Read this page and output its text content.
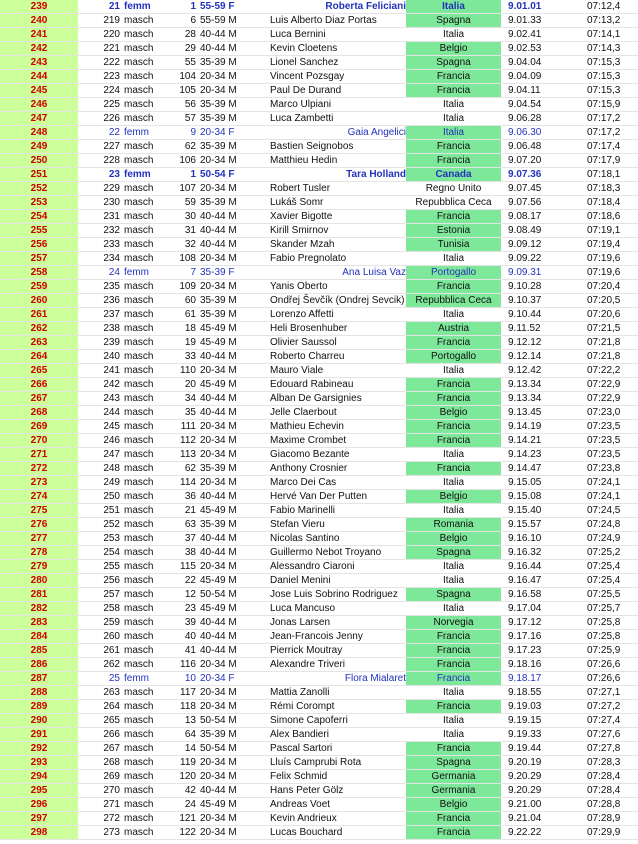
239	21 femm	1 55-59 F	Roberta Feliciani	Italia	9.01.01	07:12,4
240	219 masch	6 55-59 M	Luis Alberto Diaz Portas	Spagna	9.01.33	07:13,2
241	220 masch	28 40-44 M	Luca Bernini	Italia	9.02.41	07:14,1
242	221 masch	29 40-44 M	Kevin Cloetens	Belgio	9.02.53	07:14,3
243	222 masch	55 35-39 M	Lionel Sanchez	Spagna	9.04.04	07:15,3
244	223 masch	104 20-34 M	Vincent Pozsgay	Francia	9.04.09	07:15,3
245	224 masch	105 20-34 M	Paul De Durand	Francia	9.04.11	07:15,3
246	225 masch	56 35-39 M	Marco Ulpiani	Italia	9.04.54	07:15,9
247	226 masch	57 35-39 M	Luca Zambetti	Italia	9.06.28	07:17,2
248	22 femm	9 20-34 F	Gaia Angelici	Italia	9.06.30	07:17,2
249	227 masch	62 35-39 M	Bastien Seignobos	Francia	9.06.48	07:17,4
250	228 masch	106 20-34 M	Matthieu Hedin	Francia	9.07.20	07:17,9
251	23 femm	1 50-54 F	Tara Holland	Canada	9.07.36	07:18,1
252	229 masch	107 20-34 M	Robert Tusler	Regno Unito	9.07.45	07:18,3
253	230 masch	59 35-39 M	Lukáš Somr	Repubblica Ceca	9.07.56	07:18,4
254	231 masch	30 40-44 M	Xavier Bigotte	Francia	9.08.17	07:18,6
255	232 masch	31 40-44 M	Kirill Smirnov	Estonia	9.08.49	07:19,1
256	233 masch	32 40-44 M	Skander Mzah	Tunisia	9.09.12	07:19,4
257	234 masch	108 20-34 M	Fabio Pregnolato	Italia	9.09.22	07:19,6
258	24 femm	7 35-39 F	Ana Luisa Vaz	Portogallo	9.09.31	07:19,6
259	235 masch	109 20-34 M	Yanis Oberto	Francia	9.10.28	07:20,4
260	236 masch	60 35-39 M	Ondřej Ševčík (Ondrej Sevcik)	Repubblica Ceca	9.10.37	07:20,5
261	237 masch	61 35-39 M	Lorenzo Affetti	Italia	9.10.44	07:20,6
262	238 masch	18 45-49 M	Heli Brosenhuber	Austria	9.11.52	07:21,5
263	239 masch	19 45-49 M	Olivier Saussol	Francia	9.12.12	07:21,8
264	240 masch	33 40-44 M	Roberto Charreu	Portogallo	9.12.14	07:21,8
265	241 masch	110 20-34 M	Mauro Viale	Italia	9.12.42	07:22,2
266	242 masch	20 45-49 M	Edouard Rabineau	Francia	9.13.34	07:22,9
267	243 masch	34 40-44 M	Alban De Garsignies	Francia	9.13.34	07:22,9
268	244 masch	35 40-44 M	Jelle Claerbout	Belgio	9.13.45	07:23,0
269	245 masch	111 20-34 M	Mathieu Echevin	Francia	9.14.19	07:23,5
270	246 masch	112 20-34 M	Maxime Crombet	Francia	9.14.21	07:23,5
271	247 masch	113 20-34 M	Giacomo Bezante	Italia	9.14.23	07:23,5
272	248 masch	62 35-39 M	Anthony Crosnier	Francia	9.14.47	07:23,8
273	249 masch	114 20-34 M	Marco Dei Cas	Italia	9.15.05	07:24,1
274	250 masch	36 40-44 M	Hervé Van Der Putten	Belgio	9.15.08	07:24,1
275	251 masch	21 45-49 M	Fabio Marinelli	Italia	9.15.40	07:24,5
276	252 masch	63 35-39 M	Stefan Vieru	Romania	9.15.57	07:24,8
277	253 masch	37 40-44 M	Nicolas Santino	Belgio	9.16.10	07:24,9
278	254 masch	38 40-44 M	Guillermo Nebot Troyano	Spagna	9.16.32	07:25,2
279	255 masch	115 20-34 M	Alessandro Ciaroni	Italia	9.16.44	07:25,4
280	256 masch	22 45-49 M	Daniel Menini	Italia	9.16.47	07:25,4
281	257 masch	12 50-54 M	Jose Luis Sobrino Rodriguez	Spagna	9.16.58	07:25,5
282	258 masch	23 45-49 M	Luca Mancuso	Italia	9.17.04	07:25,7
283	259 masch	39 40-44 M	Jonas Larsen	Norvegia	9.17.12	07:25,8
284	260 masch	40 40-44 M	Jean-Francois Jenny	Francia	9.17.16	07:25,8
285	261 masch	41 40-44 M	Pierrick Moutray	Francia	9.17.23	07:25,9
286	262 masch	116 20-34 M	Alexandre Triveri	Francia	9.18.16	07:26,6
287	25 femm	10 20-34 F	Flora Mialaret	Francia	9.18.17	07:26,6
288	263 masch	117 20-34 M	Mattia Zanolli	Italia	9.18.55	07:27,1
289	264 masch	118 20-34 M	Rémi Corompt	Francia	9.19.03	07:27,2
290	265 masch	13 50-54 M	Simone Capoferri	Italia	9.19.15	07:27,4
291	266 masch	64 35-39 M	Alex Bandieri	Italia	9.19.33	07:27,6
292	267 masch	14 50-54 M	Pascal Sartori	Francia	9.19.44	07:27,8
293	268 masch	119 20-34 M	Lluís Camprubi Rota	Spagna	9.20.19	07:28,3
294	269 masch	120 20-34 M	Felix Schmid	Germania	9.20.29	07:28,4
295	270 masch	42 40-44 M	Hans Peter Gölz	Germania	9.20.29	07:28,4
296	271 masch	24 45-49 M	Andreas Voet	Belgio	9.21.00	07:28,8
297	272 masch	121 20-34 M	Kevin Andrieux	Francia	9.21.04	07:28,9
298	273 masch	122 20-34 M	Lucas Bouchard	Francia	9.22.22	07:29,9
